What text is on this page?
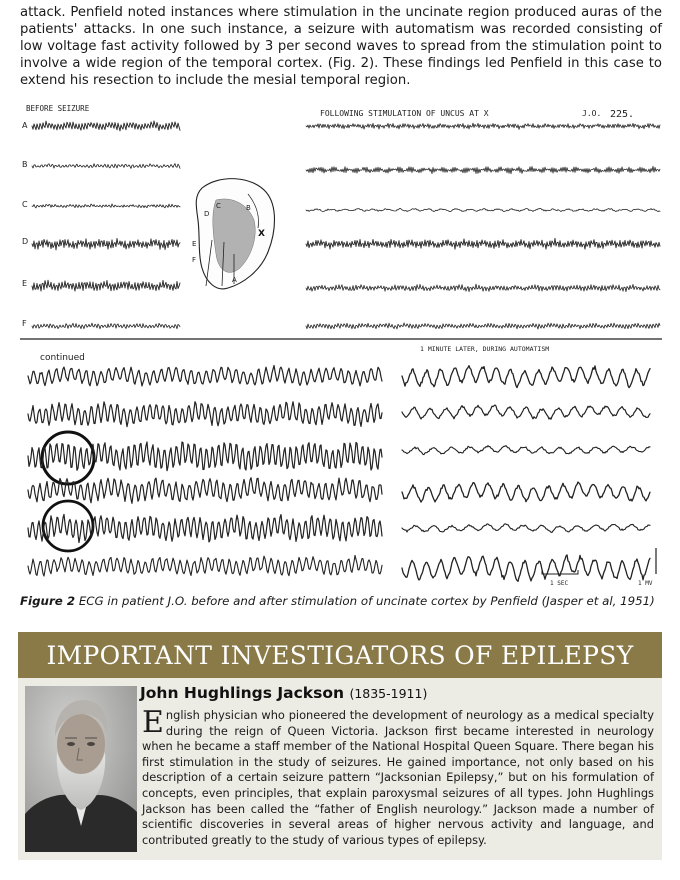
attack. Penfield noted instances where stimulation in the uncinate region produced auras of the patients' attacks. In one such instance, a seizure with automatism was recorded consisting of low voltage fast activity followed by 3 per second waves to spread from the stimulation point to involve a wide region of the temporal cortex. (Fig. 2). These findings led Penfield in this case to extend his resection to include the mesial temporal region.

BEFORE SEIZURE
FOLLOWING STIMULATION OF UNCUS AT X	J.O. 225.
A
B
C
D
E
F
D
C	B
X
E
F
A
continued
1 MINUTE LATER, DURING AUTOMATISM
1 SEC	1 MV
Figure 2 ECG in patient J.O. before and after stimulation of uncinate cortex by Penfield (Jasper et al, 1951)
IMPORTANT INVESTIGATORS OF EPILEPSY

John Hughlings Jackson (1835-1911)

E nglish physician who pioneered the development of neurology as a medical specialty during the reign of Queen Victoria. Jackson first became interested in neurology when he became a staff member of the National Hospital Queen Square. There began his first stimulation in the study of seizures. He gained importance, not only based on his description of a certain seizure pattern “Jacksonian Epilepsy,” but on his formulation of concepts, even principles, that explain paroxysmal seizures of all types. John Hughlings Jackson has been called the “father of English neurology.” Jackson made a number of scientific discoveries in several areas of higher nervous activity and language, and contributed greatly to the study of various types of epilepsy.
